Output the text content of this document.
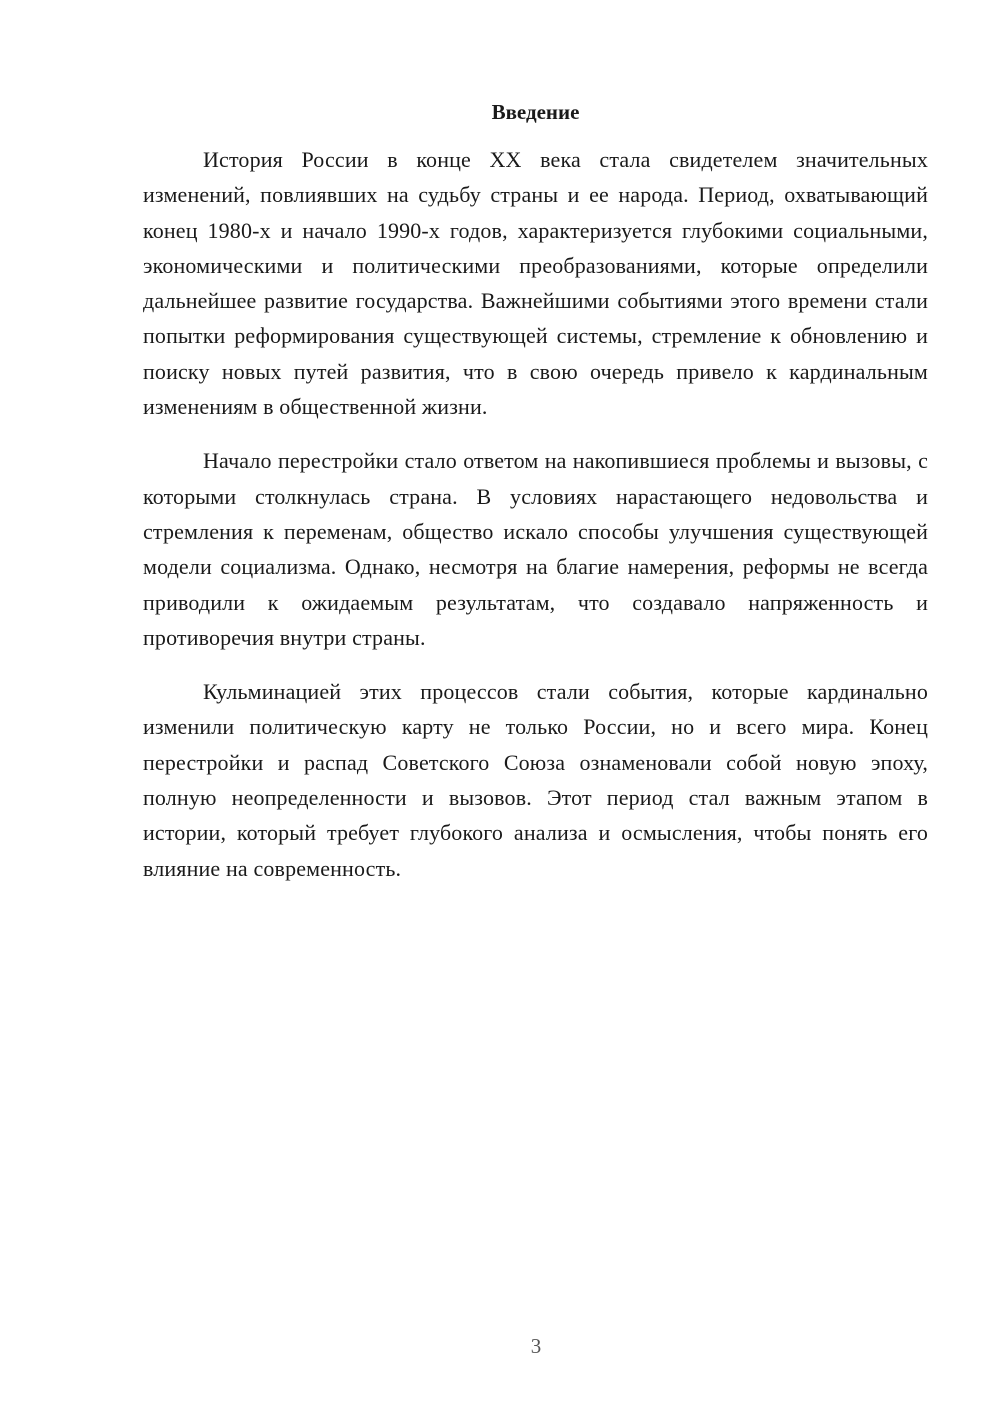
Введение

История России в конце XX века стала свидетелем значительных изменений, повлиявших на судьбу страны и ее народа. Период, охватывающий конец 1980-х и начало 1990-х годов, характеризуется глубокими социальными, экономическими и политическими преобразованиями, которые определили дальнейшее развитие государства. Важнейшими событиями этого времени стали попытки реформирования существующей системы, стремление к обновлению и поиску новых путей развития, что в свою очередь привело к кардинальным изменениям в общественной жизни.

Начало перестройки стало ответом на накопившиеся проблемы и вызовы, с которыми столкнулась страна. В условиях нарастающего недовольства и стремления к переменам, общество искало способы улучшения существующей модели социализма. Однако, несмотря на благие намерения, реформы не всегда приводили к ожидаемым результатам, что создавало напряженность и противоречия внутри страны.

Кульминацией этих процессов стали события, которые кардинально изменили политическую карту не только России, но и всего мира. Конец перестройки и распад Советского Союза ознаменовали собой новую эпоху, полную неопределенности и вызовов. Этот период стал важным этапом в истории, который требует глубокого анализа и осмысления, чтобы понять его влияние на современность.

3
